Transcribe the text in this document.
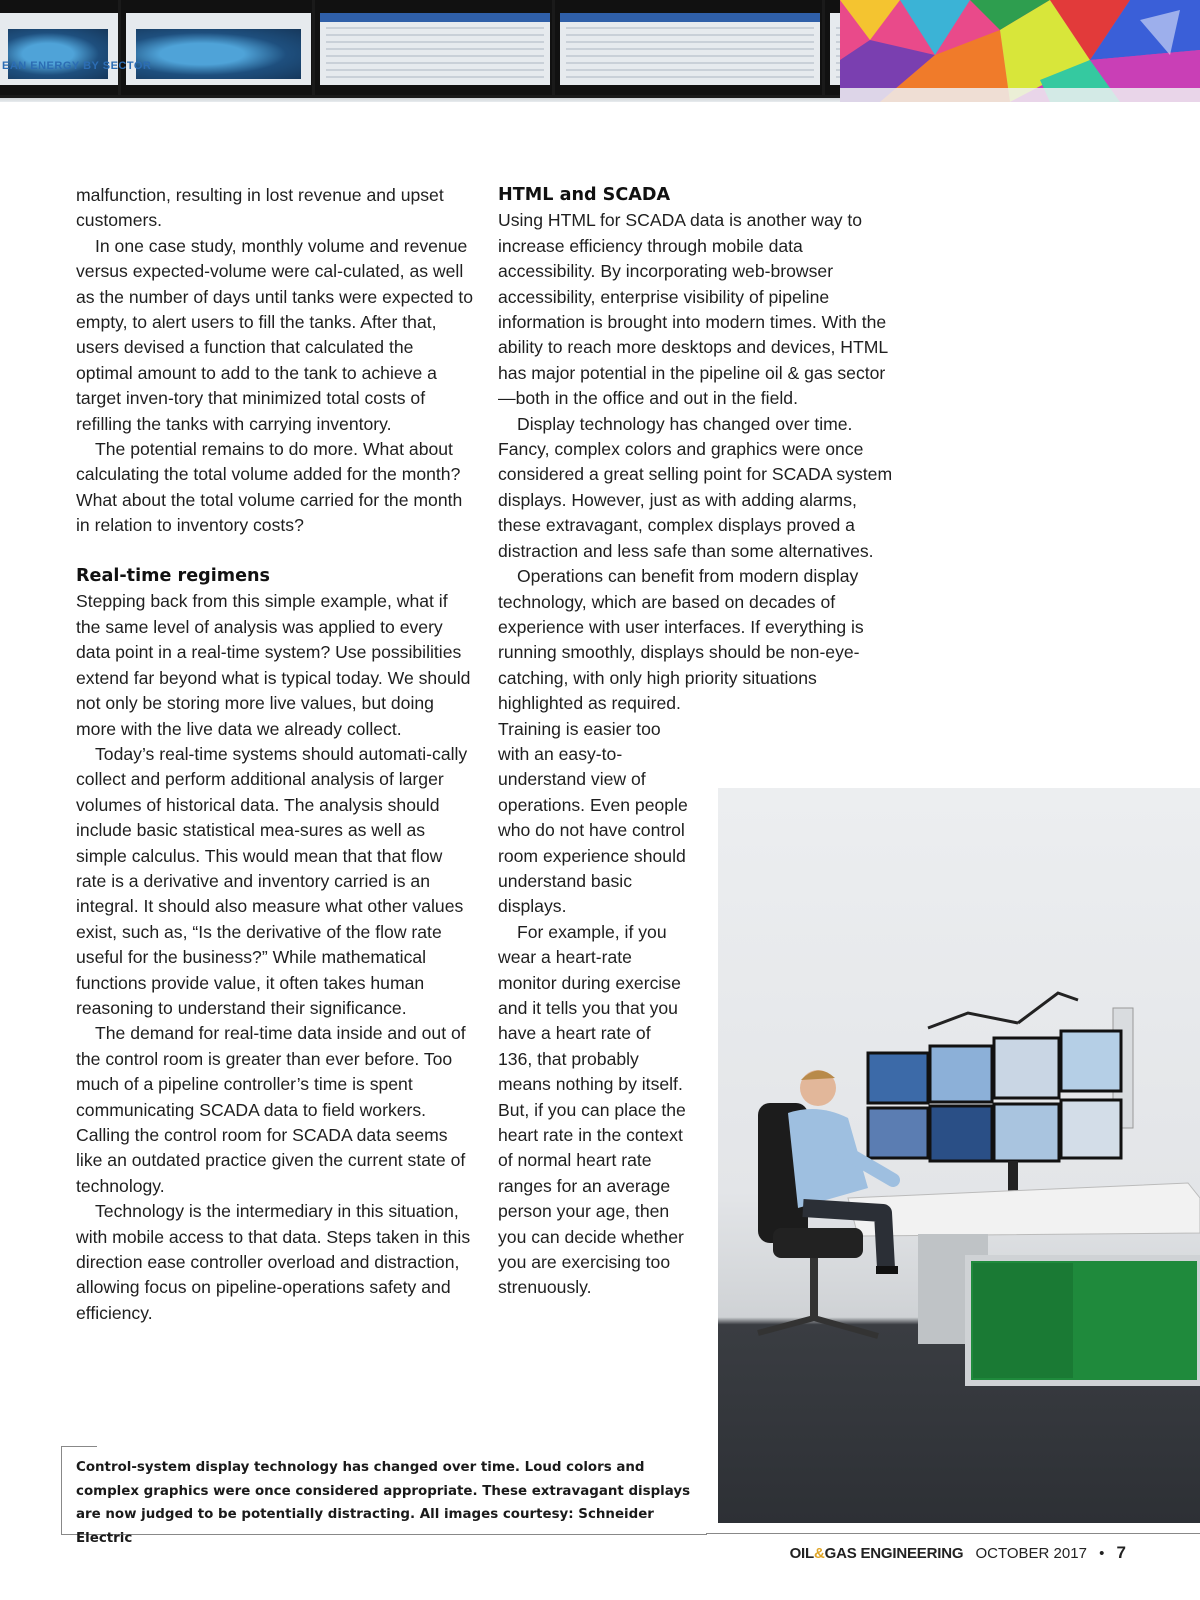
EAN ENERGY BY SECTOR

malfunction, resulting in lost revenue and upset customers.

In one case study, monthly volume and revenue versus expected-volume were cal-culated, as well as the number of days until tanks were expected to empty, to alert users to fill the tanks. After that, users devised a function that calculated the optimal amount to add to the tank to achieve a target inven-tory that minimized total costs of refilling the tanks with carrying inventory.

The potential remains to do more. What about calculating the total volume added for the month? What about the total volume carried for the month in relation to inventory costs?

Real-time regimens

Stepping back from this simple example, what if the same level of analysis was applied to every data point in a real-time system? Use possibilities extend far beyond what is typical today. We should not only be storing more live values, but doing more with the live data we already collect.

Today’s real-time systems should automati-cally collect and perform additional analysis of larger volumes of historical data. The analysis should include basic statistical mea-sures as well as simple calculus. This would mean that that flow rate is a derivative and inventory carried is an integral. It should also measure what other values exist, such as, “Is the derivative of the flow rate useful for the business?” While mathematical functions provide value, it often takes human reasoning to understand their significance.

The demand for real-time data inside and out of the control room is greater than ever before. Too much of a pipeline controller’s time is spent communicating SCADA data to field workers. Calling the control room for SCADA data seems like an outdated practice given the current state of technology.

Technology is the intermediary in this situation, with mobile access to that data. Steps taken in this direction ease controller overload and distraction, allowing focus on pipeline-operations safety and efficiency.

HTML and SCADA

Using HTML for SCADA data is another way to increase efficiency through mobile data accessibility. By incorporating web-browser accessibility, enterprise visibility of pipeline information is brought into modern times. With the ability to reach more desktops and devices, HTML has major potential in the pipeline oil & gas sector—both in the office and out in the field.

Display technology has changed over time. Fancy, complex colors and graphics were once considered a great selling point for SCADA system displays. However, just as with adding alarms, these extravagant, complex displays proved a distraction and less safe than some alternatives.

Operations can benefit from modern display technology, which are based on decades of experience with user interfaces. If everything is running smoothly, displays should be non-eye-catching, with only high priority situations highlighted as required.

Training is easier too with an easy-to-understand view of operations. Even people who do not have control room experience should understand basic displays.

For example, if you wear a heart-rate monitor during exercise and it tells you that you have a heart rate of 136, that probably means nothing by itself. But, if you can place the heart rate in the context of normal heart rate ranges for an average person your age, then you can decide whether you are exercising too strenuously.

Control-system display technology has changed over time. Loud colors and complex graphics were once considered appropriate. These extravagant displays are now judged to be potentially distracting. All images courtesy: Schneider Electric
OIL&GAS ENGINEERING OCTOBER 2017 • 7
